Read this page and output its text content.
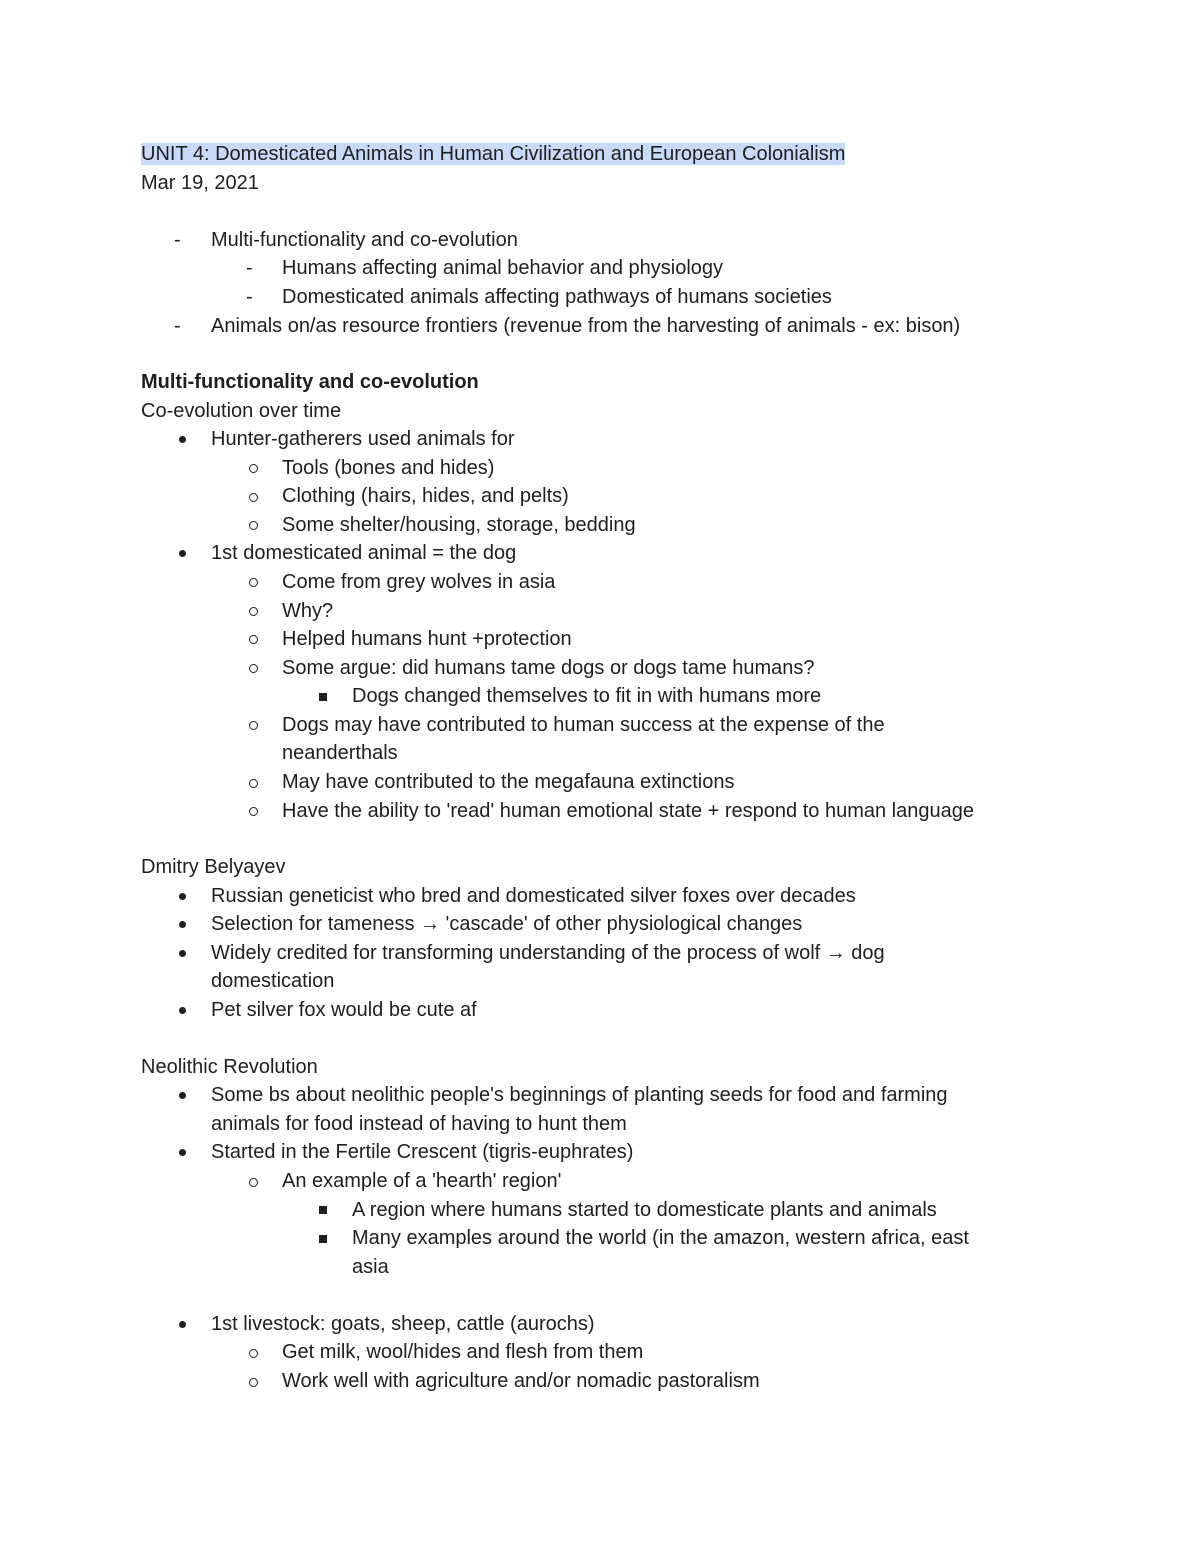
UNIT 4: Domesticated Animals in Human Civilization and European Colonialism
Mar 19, 2021
- Multi-functionality and co-evolution
- Humans affecting animal behavior and physiology
- Domesticated animals affecting pathways of humans societies
- Animals on/as resource frontiers (revenue from the harvesting of animals - ex: bison)
Multi-functionality and co-evolution
Co-evolution over time
Hunter-gatherers used animals for
Tools (bones and hides)
Clothing (hairs, hides, and pelts)
Some shelter/housing, storage, bedding
1st domesticated animal = the dog
Come from grey wolves in asia
Why?
Helped humans hunt +protection
Some argue: did humans tame dogs or dogs tame humans?
Dogs changed themselves to fit in with humans more
Dogs may have contributed to human success at the expense of the
neanderthals
May have contributed to the megafauna extinctions
Have the ability to 'read' human emotional state + respond to human language
Dmitry Belyayev
Russian geneticist who bred and domesticated silver foxes over decades
Selection for tameness → 'cascade' of other physiological changes
Widely credited for transforming understanding of the process of wolf → dog
domestication
Pet silver fox would be cute af
Neolithic Revolution
Some bs about neolithic people's beginnings of planting seeds for food and farming
animals for food instead of having to hunt them
Started in the Fertile Crescent (tigris-euphrates)
An example of a 'hearth' region'
A region where humans started to domesticate plants and animals
Many examples around the world (in the amazon, western africa, east
asia
1st livestock: goats, sheep, cattle (aurochs)
Get milk, wool/hides and flesh from them
Work well with agriculture and/or nomadic pastoralism
